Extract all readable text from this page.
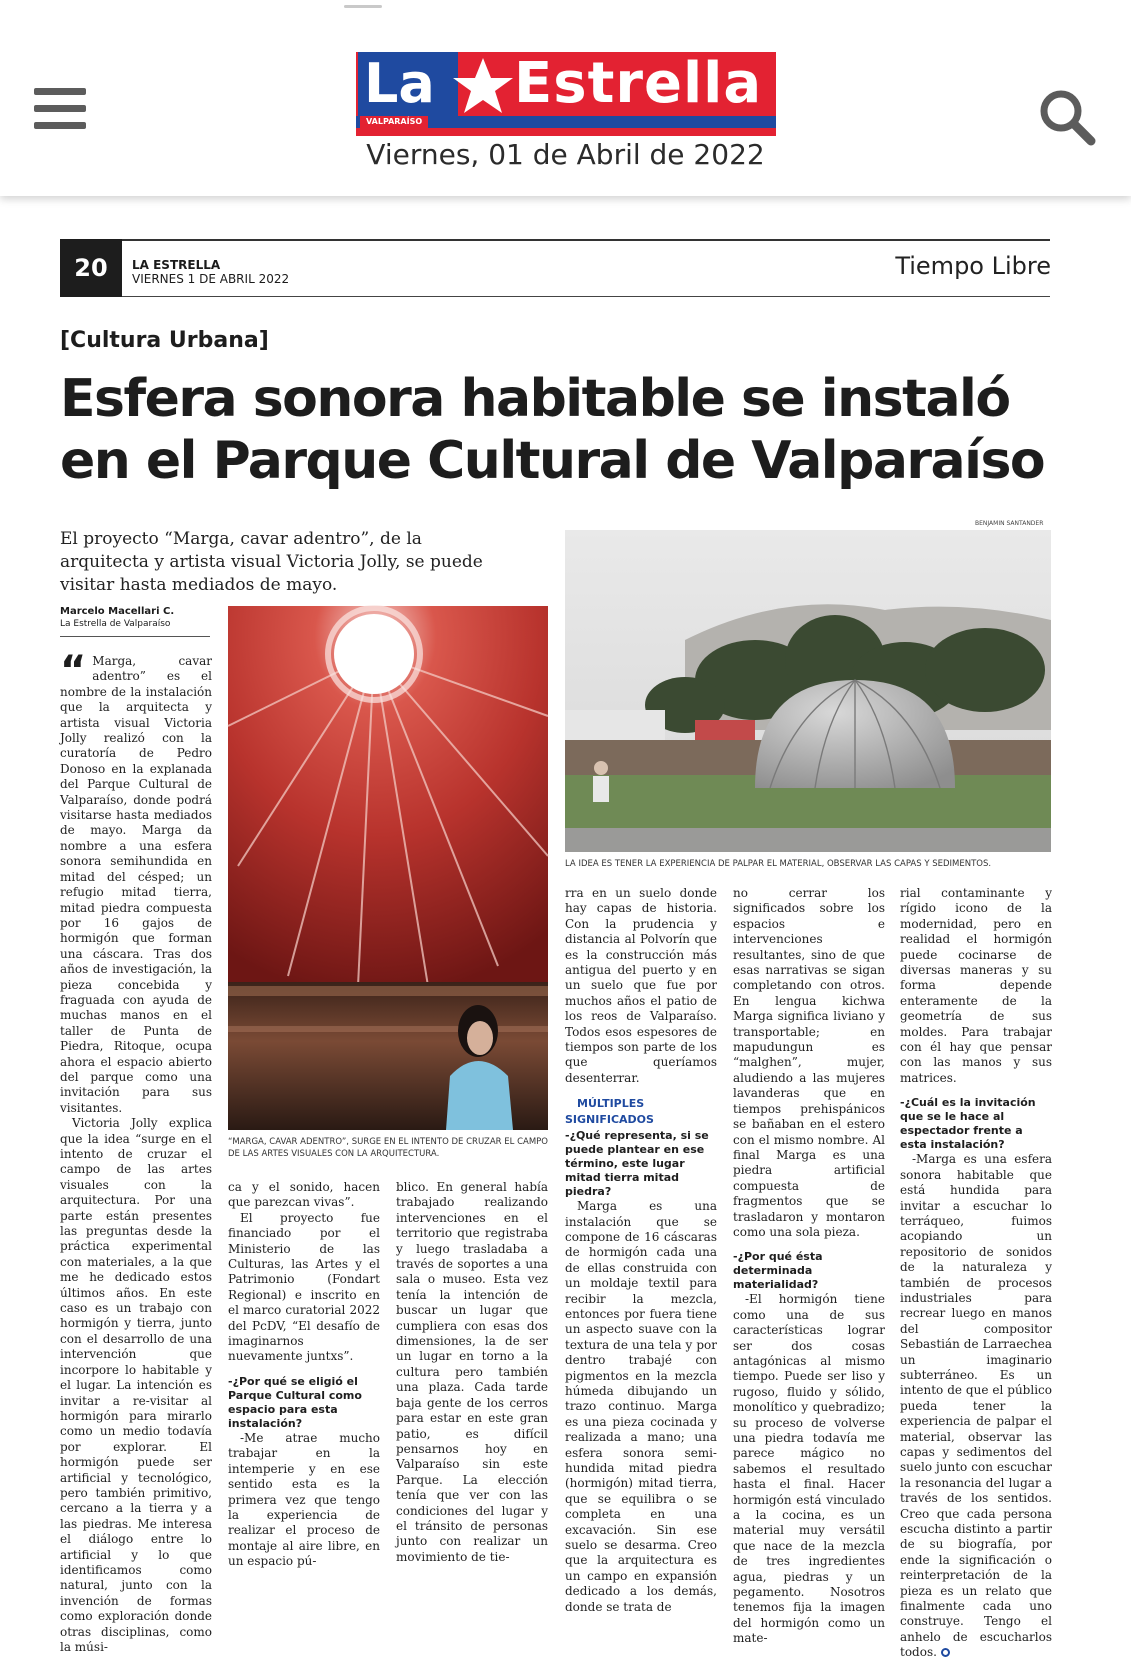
La	Estrella
VALPARAÍSO
Viernes, 01 de Abril de 2022
20	LA ESTRELLA
VIERNES 1 DE ABRIL 2022	Tiempo Libre
[Cultura Urbana]
Esfera sonora habitable se instaló en el Parque Cultural de Valparaíso
El proyecto “Marga, cavar adentro”, de la arquitecta y artista visual Victoria Jolly, se puede visitar hasta mediados de mayo.
Marcelo Macellari C.
La Estrella de Valparaíso
BENJAMIN SANTANDER
“MARGA, CAVAR ADENTRO”, SURGE EN EL INTENTO DE CRUZAR EL CAMPO DE LAS ARTES VISUALES CON LA ARQUITECTURA.
LA IDEA ES TENER LA EXPERIENCIA DE PALPAR EL MATERIAL, OBSERVAR LAS CAPAS Y SEDIMENTOS.

“ Marga, cavar adentro” es el nombre de la instalación que la arquitecta y artista visual Victoria Jolly realizó con la curatoría de Pedro Donoso en la explanada del Parque Cultural de Valparaíso, donde podrá visitarse hasta mediados de mayo. Marga da nombre a una esfera sonora semihundida en mitad del césped; un refugio mitad tierra, mitad piedra compuesta por 16 gajos de hormigón que forman una cáscara. Tras dos años de investigación, la pieza concebida y fraguada con ayuda de muchas manos en el taller de Punta de Piedra, Ritoque, ocupa ahora el espacio abierto del parque como una invitación para sus visitantes.

Victoria Jolly explica que la idea “surge en el intento de cruzar el campo de las artes visuales con la arquitectura. Por una parte están presentes las preguntas desde la práctica experimental con materiales, a la que me he dedicado estos últimos años. En este caso es un trabajo con hormigón y tierra, junto con el desarrollo de una intervención que incorpore lo habitable y el lugar. La intención es invitar a re-visitar al hormigón para mirarlo como un medio todavía por explorar. El hormigón puede ser artificial y tecnológico, pero también primitivo, cercano a la tierra y a las piedras. Me interesa el diálogo entre lo artificial y lo que identificamos como natural, junto con la invención de formas como exploración donde otras disciplinas, como la músi-

ca y el sonido, hacen que parezcan vivas”.

El proyecto fue financiado por el Ministerio de las Culturas, las Artes y el Patrimonio (Fondart Regional) e inscrito en el marco curatorial 2022 del PcDV, “El desafío de imaginarnos nuevamente juntxs”.

-¿Por qué se eligió el Parque Cultural como espacio para esta instalación?

-Me atrae mucho trabajar en la intemperie y en ese sentido esta es la primera vez que tengo la experiencia de realizar el proceso de montaje al aire libre, en un espacio pú-

blico. En general había trabajado realizando intervenciones en el territorio que registraba y luego trasladaba a través de soportes a una sala o museo. Esta vez tenía la intención de buscar un lugar que cumpliera con esas dos dimensiones, la de ser un lugar en torno a la cultura pero también una plaza. Cada tarde baja gente de los cerros para estar en este gran patio, es difícil pensarnos hoy en Valparaíso sin este Parque. La elección tenía que ver con las condiciones del lugar y el tránsito de personas junto con realizar un movimiento de tie-

rra en un suelo donde hay capas de historia. Con la prudencia y distancia al Polvorín que es la construcción más antigua del puerto y en un suelo que fue por muchos años el patio de los reos de Valparaíso. Todos esos espesores de tiempos son parte de los que queríamos desenterrar.

MÚLTIPLES SIGNIFICADOS

-¿Qué representa, si se puede plantear en ese término, este lugar mitad tierra mitad piedra?

Marga es una instalación que se compone de 16 cáscaras de hormigón cada una de ellas construida con un moldaje textil para recibir la mezcla, entonces por fuera tiene un aspecto suave con la textura de una tela y por dentro trabajé con pigmentos en la mezcla húmeda dibujando un trazo continuo. Marga es una pieza cocinada y realizada a mano; una esfera sonora semi-hundida mitad piedra (hormigón) mitad tierra, que se equilibra o se completa en una excavación. Sin ese suelo se desarma. Creo que la arquitectura es un campo en expansión dedicado a los demás, donde se trata de

no cerrar los significados sobre los espacios e intervenciones resultantes, sino de que esas narrativas se sigan completando con otros. En lengua kichwa Marga significa liviano y transportable; en mapudungun es “malghen”, mujer, aludiendo a las mujeres lavanderas que en tiempos prehispánicos se bañaban en el estero con el mismo nombre. Al final Marga es una piedra artificial compuesta de fragmentos que se trasladaron y montaron como una sola pieza.

-¿Por qué ésta determinada materialidad?

-El hormigón tiene como una de sus características lograr ser dos cosas antagónicas al mismo tiempo. Puede ser liso y rugoso, fluido y sólido, monolítico y quebradizo; su proceso de volverse una piedra todavía me parece mágico no sabemos el resultado hasta el final. Hacer hormigón está vinculado a la cocina, es un material muy versátil que nace de la mezcla de tres ingredientes agua, piedras y un pegamento. Nosotros tenemos fija la imagen del hormigón como un mate-

rial contaminante y rígido icono de la modernidad, pero en realidad el hormigón puede cocinarse de diversas maneras y su forma depende enteramente de la geometría de sus moldes. Para trabajar con él hay que pensar con las manos y sus matrices.

-¿Cuál es la invitación que se le hace al espectador frente a esta instalación?

-Marga es una esfera sonora habitable que está hundida para invitar a escuchar lo terráqueo, fuimos acopiando un repositorio de sonidos de la naturaleza y también de procesos industriales para recrear luego en manos del compositor Sebastián de Larraechea un imaginario subterráneo. Es un intento de que el público pueda tener la experiencia de palpar el material, observar las capas y sedimentos del suelo junto con escuchar la resonancia del lugar a través de los sentidos. Creo que cada persona escucha distinto a partir de su biografía, por ende la significación o reinterpretación de la pieza es un relato que finalmente cada uno construye. Tengo el anhelo de escucharlos todos.
